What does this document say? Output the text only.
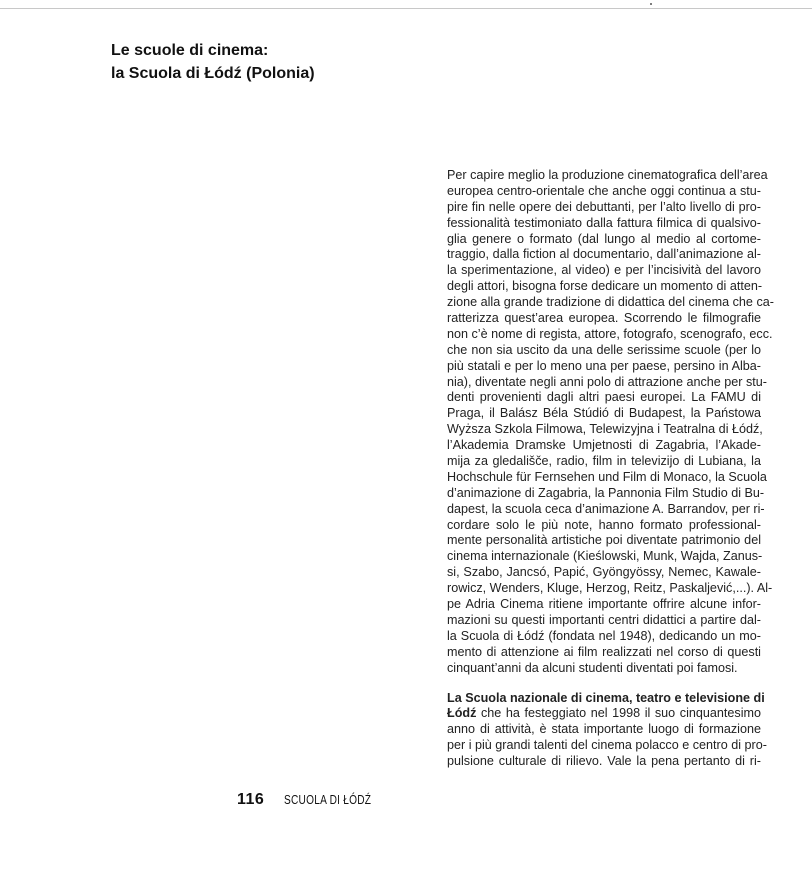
Le scuole di cinema:
la Scuola di Łódź (Polonia)
Per capire meglio la produzione cinematografica dell’area
europea centro-orientale che anche oggi continua a stu-
pire fin nelle opere dei debuttanti, per l’alto livello di pro-
fessionalità testimoniato dalla fattura filmica di qualsivo-
glia genere o formato (dal lungo al medio al cortome-
traggio, dalla fiction al documentario, dall’animazione al-
la sperimentazione, al video) e per l’incisività del lavoro
degli attori, bisogna forse dedicare un momento di atten-
zione alla grande tradizione di didattica del cinema che ca-
ratterizza quest’area europea. Scorrendo le filmografie
non c’è nome di regista, attore, fotografo, scenografo, ecc.
che non sia uscito da una delle serissime scuole (per lo
più statali e per lo meno una per paese, persino in Alba-
nia), diventate negli anni polo di attrazione anche per stu-
denti provenienti dagli altri paesi europei. La FAMU di
Praga, il Balász Béla Stúdió di Budapest, la Państowa
Wyższa Szkola Filmowa, Telewizyjna i Teatralna di Łódź,
l’Akademia Dramske Umjetnosti di Zagabria, l’Akade-
mija za gledališče, radio, film in televizijo di Lubiana, la
Hochschule für Fernsehen und Film di Monaco, la Scuola
d’animazione di Zagabria, la Pannonia Film Studio di Bu-
dapest, la scuola ceca d’animazione A. Barrandov, per ri-
cordare solo le più note, hanno formato professional-
mente personalità artistiche poi diventate patrimonio del
cinema internazionale (Kieślowski, Munk, Wajda, Zanus-
si, Szabo, Jancsó, Papić, Gyöngyössy, Nemec, Kawale-
rowicz, Wenders, Kluge, Herzog, Reitz, Paskaljević,...). Al-
pe Adria Cinema ritiene importante offrire alcune infor-
mazioni su questi importanti centri didattici a partire dal-
la Scuola di Łódź (fondata nel 1948), dedicando un mo-
mento di attenzione ai film realizzati nel corso di questi
cinquant’anni da alcuni studenti diventati poi famosi.
La Scuola nazionale di cinema, teatro e televisione di
Łódź che ha festeggiato nel 1998 il suo cinquantesimo
anno di attività, è stata importante luogo di formazione
per i più grandi talenti del cinema polacco e centro di pro-
pulsione culturale di rilievo. Vale la pena pertanto di ri-
116 SCUOLA DI ŁÓDŹ
